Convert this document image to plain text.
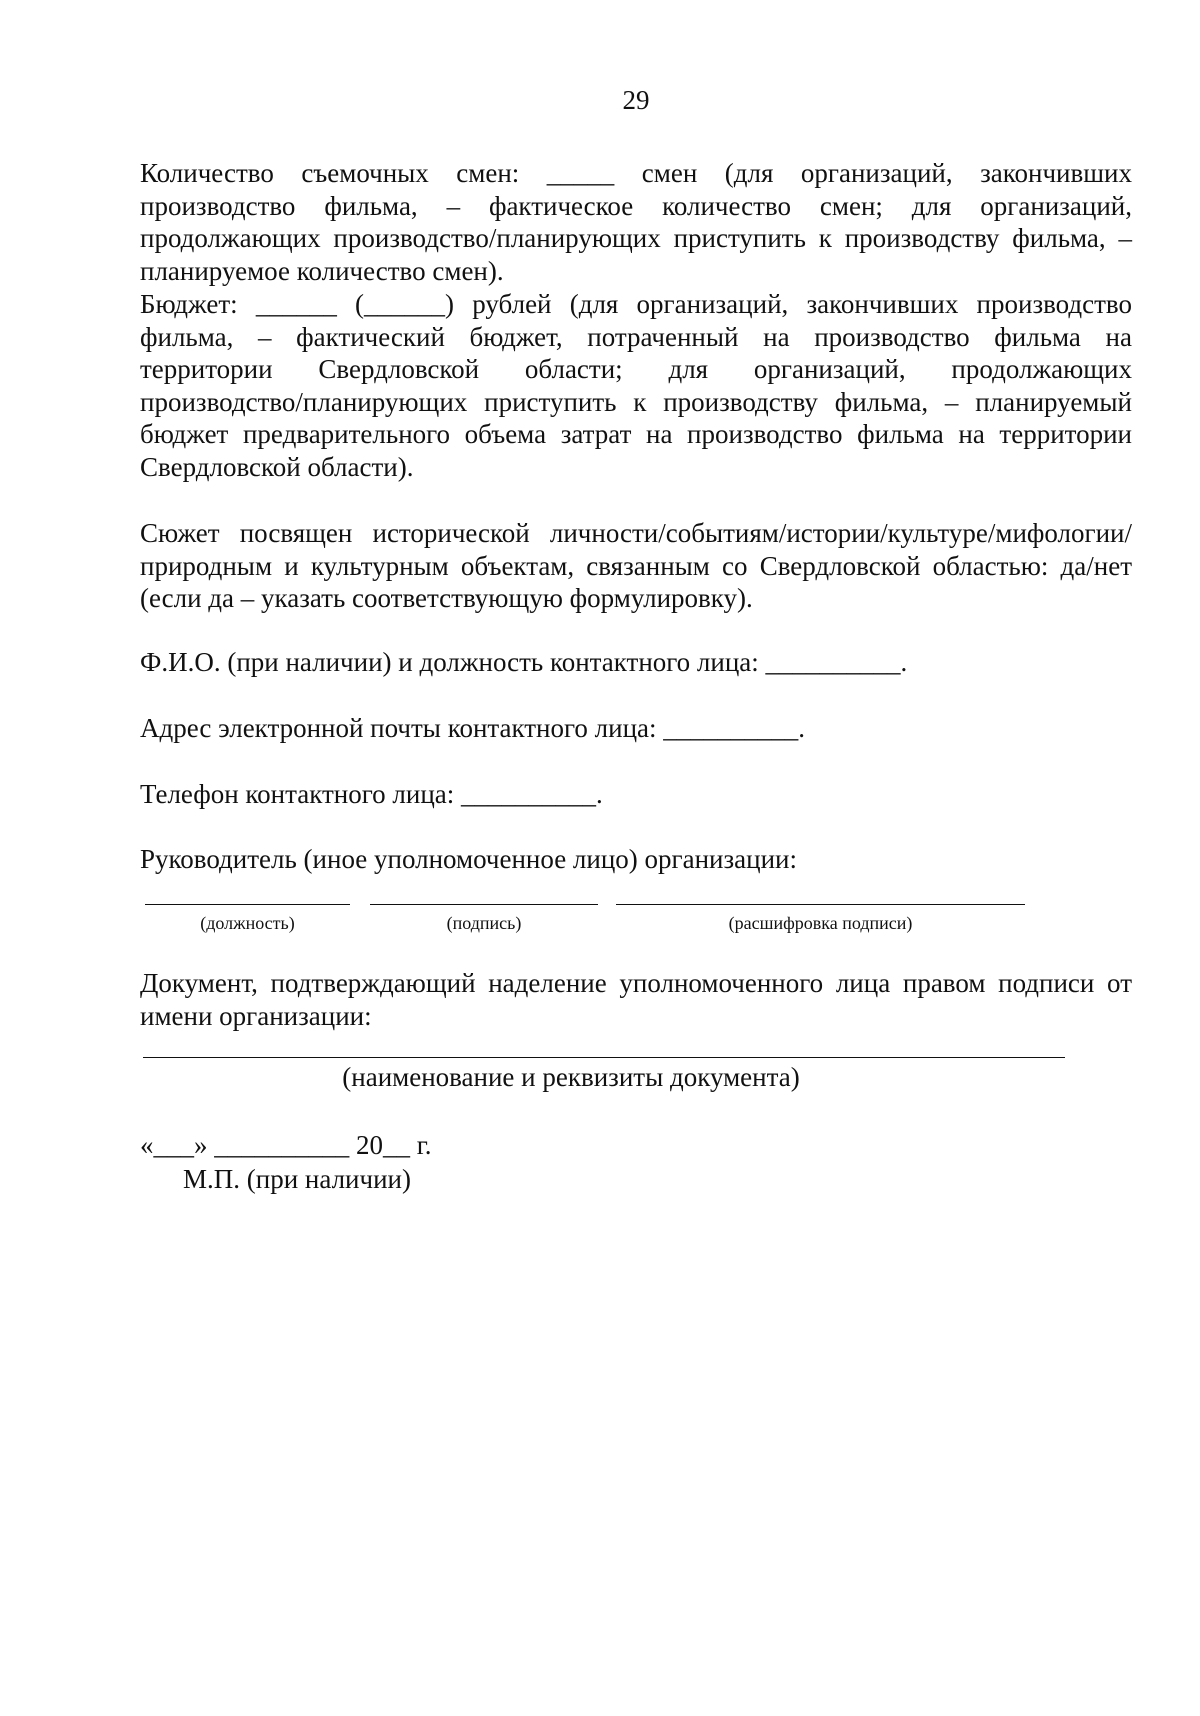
29
Количество съемочных смен: _____ смен (для организаций, закончивших
производство фильма, – фактическое количество смен; для организаций,
продолжающих производство/планирующих приступить к производству фильма, –
планируемое количество смен).
Бюджет: ______ (______) рублей (для организаций, закончивших производство
фильма, – фактический бюджет, потраченный на производство фильма на
территории Свердловской области; для организаций, продолжающих
производство/планирующих приступить к производству фильма, – планируемый
бюджет предварительного объема затрат на производство фильма на территории
Свердловской области).
Сюжет посвящен исторической личности/событиям/истории/культуре/мифологии/
природным и культурным объектам, связанным со Свердловской областью: да/нет
(если да – указать соответствующую формулировку).
Ф.И.О. (при наличии) и должность контактного лица: __________.
Адрес электронной почты контактного лица: __________.
Телефон контактного лица: __________.
Руководитель (иное уполномоченное лицо) организации:
(должность)	(подпись)	(расшифровка подписи)
Документ, подтверждающий наделение уполномоченного лица правом подписи от
имени организации:
(наименование и реквизиты документа)
«___» __________ 20__ г.
М.П. (при наличии)
